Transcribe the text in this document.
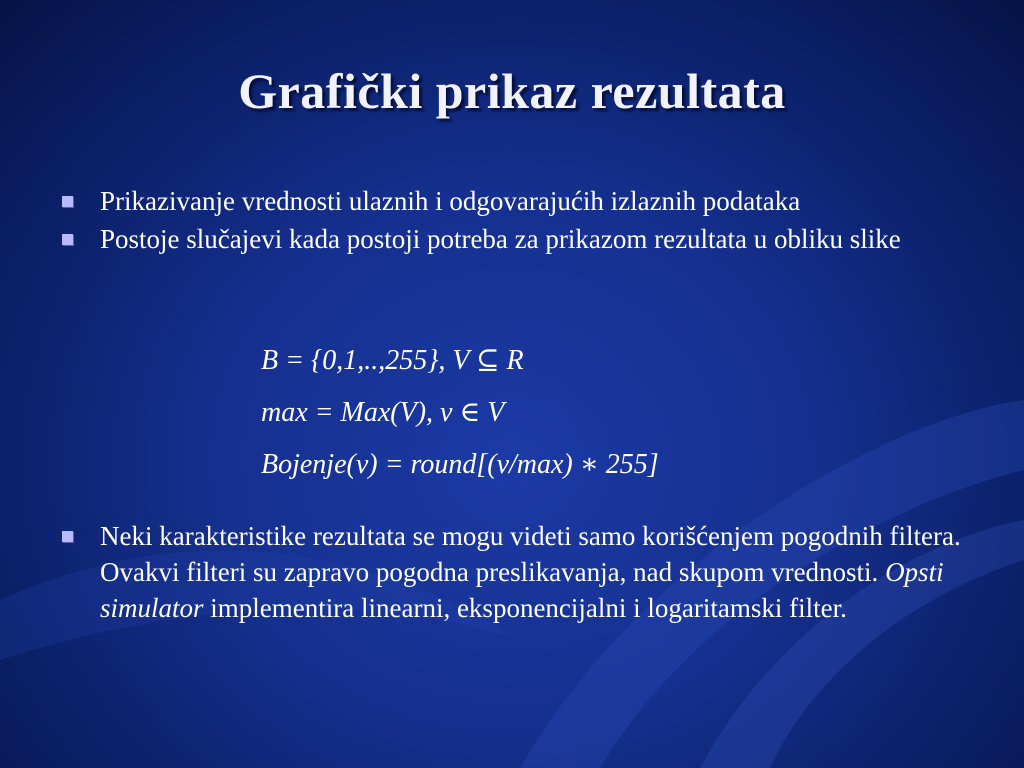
Grafički prikaz rezultata
Prikazivanje vrednosti ulaznih i odgovarajućih izlaznih podataka
Postoje slučajevi kada postoji potreba za prikazom rezultata u obliku slike
B = {0,1,..,255}, V ⊆ R
max = Max(V), v ∈ V
Bojenje(v) = round[(v/max) ∗ 255]
Neki karakteristike rezultata se mogu videti samo korišćenjem pogodnih filtera. Ovakvi filteri su zapravo pogodna preslikavanja, nad skupom vrednosti. Opsti simulator implementira linearni, eksponencijalni i logaritamski filter.
